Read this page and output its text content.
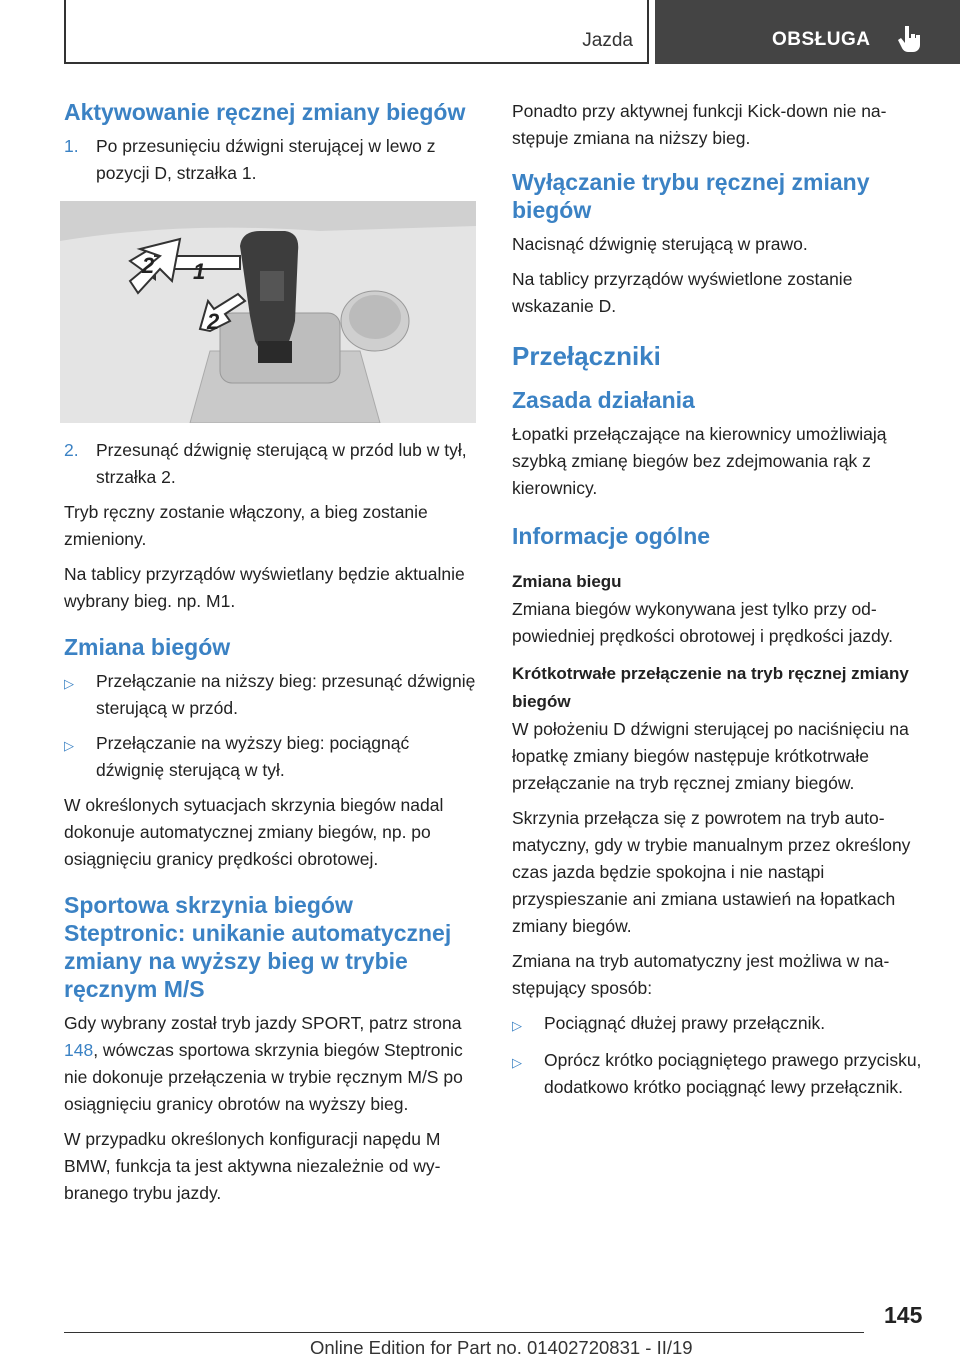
Jazda	OBSŁUGA
Aktywowanie ręcznej zmiany biegów
1. Po przesunięciu dźwigni sterującej w lewo z pozycji D, strzałka 1.
2 1
2
2. Przesunąć dźwignię sterującą w przód lub w tył, strzałka 2.

Tryb ręczny zostanie włączony, a bieg zostanie zmieniony.

Na tablicy przyrządów wyświetlany będzie aktualnie wybrany bieg. np. M1.

Zmiana biegów
▷	Przełączanie na niższy bieg: przesunąć dźwignię sterującą w przód.
▷	Przełączanie na wyższy bieg: pociągnąć dźwignię sterującą w tył.

W określonych sytuacjach skrzynia biegów nadal dokonuje automatycznej zmiany biegów, np. po osiągnięciu granicy prędkości obrotowej.

Sportowa skrzynia biegów Steptronic: unikanie automatycznej zmiany na wyższy bieg w trybie ręcznym M/S

Gdy wybrany został tryb jazdy SPORT, patrz strona 148, wówczas sportowa skrzynia biegów Steptronic nie dokonuje przełączenia w trybie ręcznym M/S po osiągnięciu granicy obrotów na wyższy bieg.

W przypadku określonych konfiguracji napędu M BMW, funkcja ta jest aktywna niezależnie od wybranego trybu jazdy.

Ponadto przy aktywnej funkcji Kick-down nie następuje zmiana na niższy bieg.

Wyłączanie trybu ręcznej zmiany biegów

Nacisnąć dźwignię sterującą w prawo.

Na tablicy przyrządów wyświetlone zostanie wskazanie D.

Przełączniki
Zasada działania

Łopatki przełączające na kierownicy umożliwiają szybką zmianę biegów bez zdejmowania rąk z kierownicy.

Informacje ogólne
Zmiana biegu

Zmiana biegów wykonywana jest tylko przy odpowiedniej prędkości obrotowej i prędkości jazdy.

Krótkotrwałe przełączenie na tryb ręcznej zmiany biegów

W położeniu D dźwigni sterującej po naciśnięciu na łopatkę zmiany biegów następuje krótkotrwałe przełączanie na tryb ręcznej zmiany biegów.

Skrzynia przełącza się z powrotem na tryb automatyczny, gdy w trybie manualnym przez określony czas jazda będzie spokojna i nie nastąpi przyspieszanie ani zmiana ustawień na łopatkach zmiany biegów.

Zmiana na tryb automatyczny jest możliwa w następujący sposób:

▷	Pociągnąć dłużej prawy przełącznik.
▷	Oprócz krótko pociągniętego prawego przycisku, dodatkowo krótko pociągnąć lewy przełącznik.
145
Online Edition for Part no. 01402720831 - II/19
